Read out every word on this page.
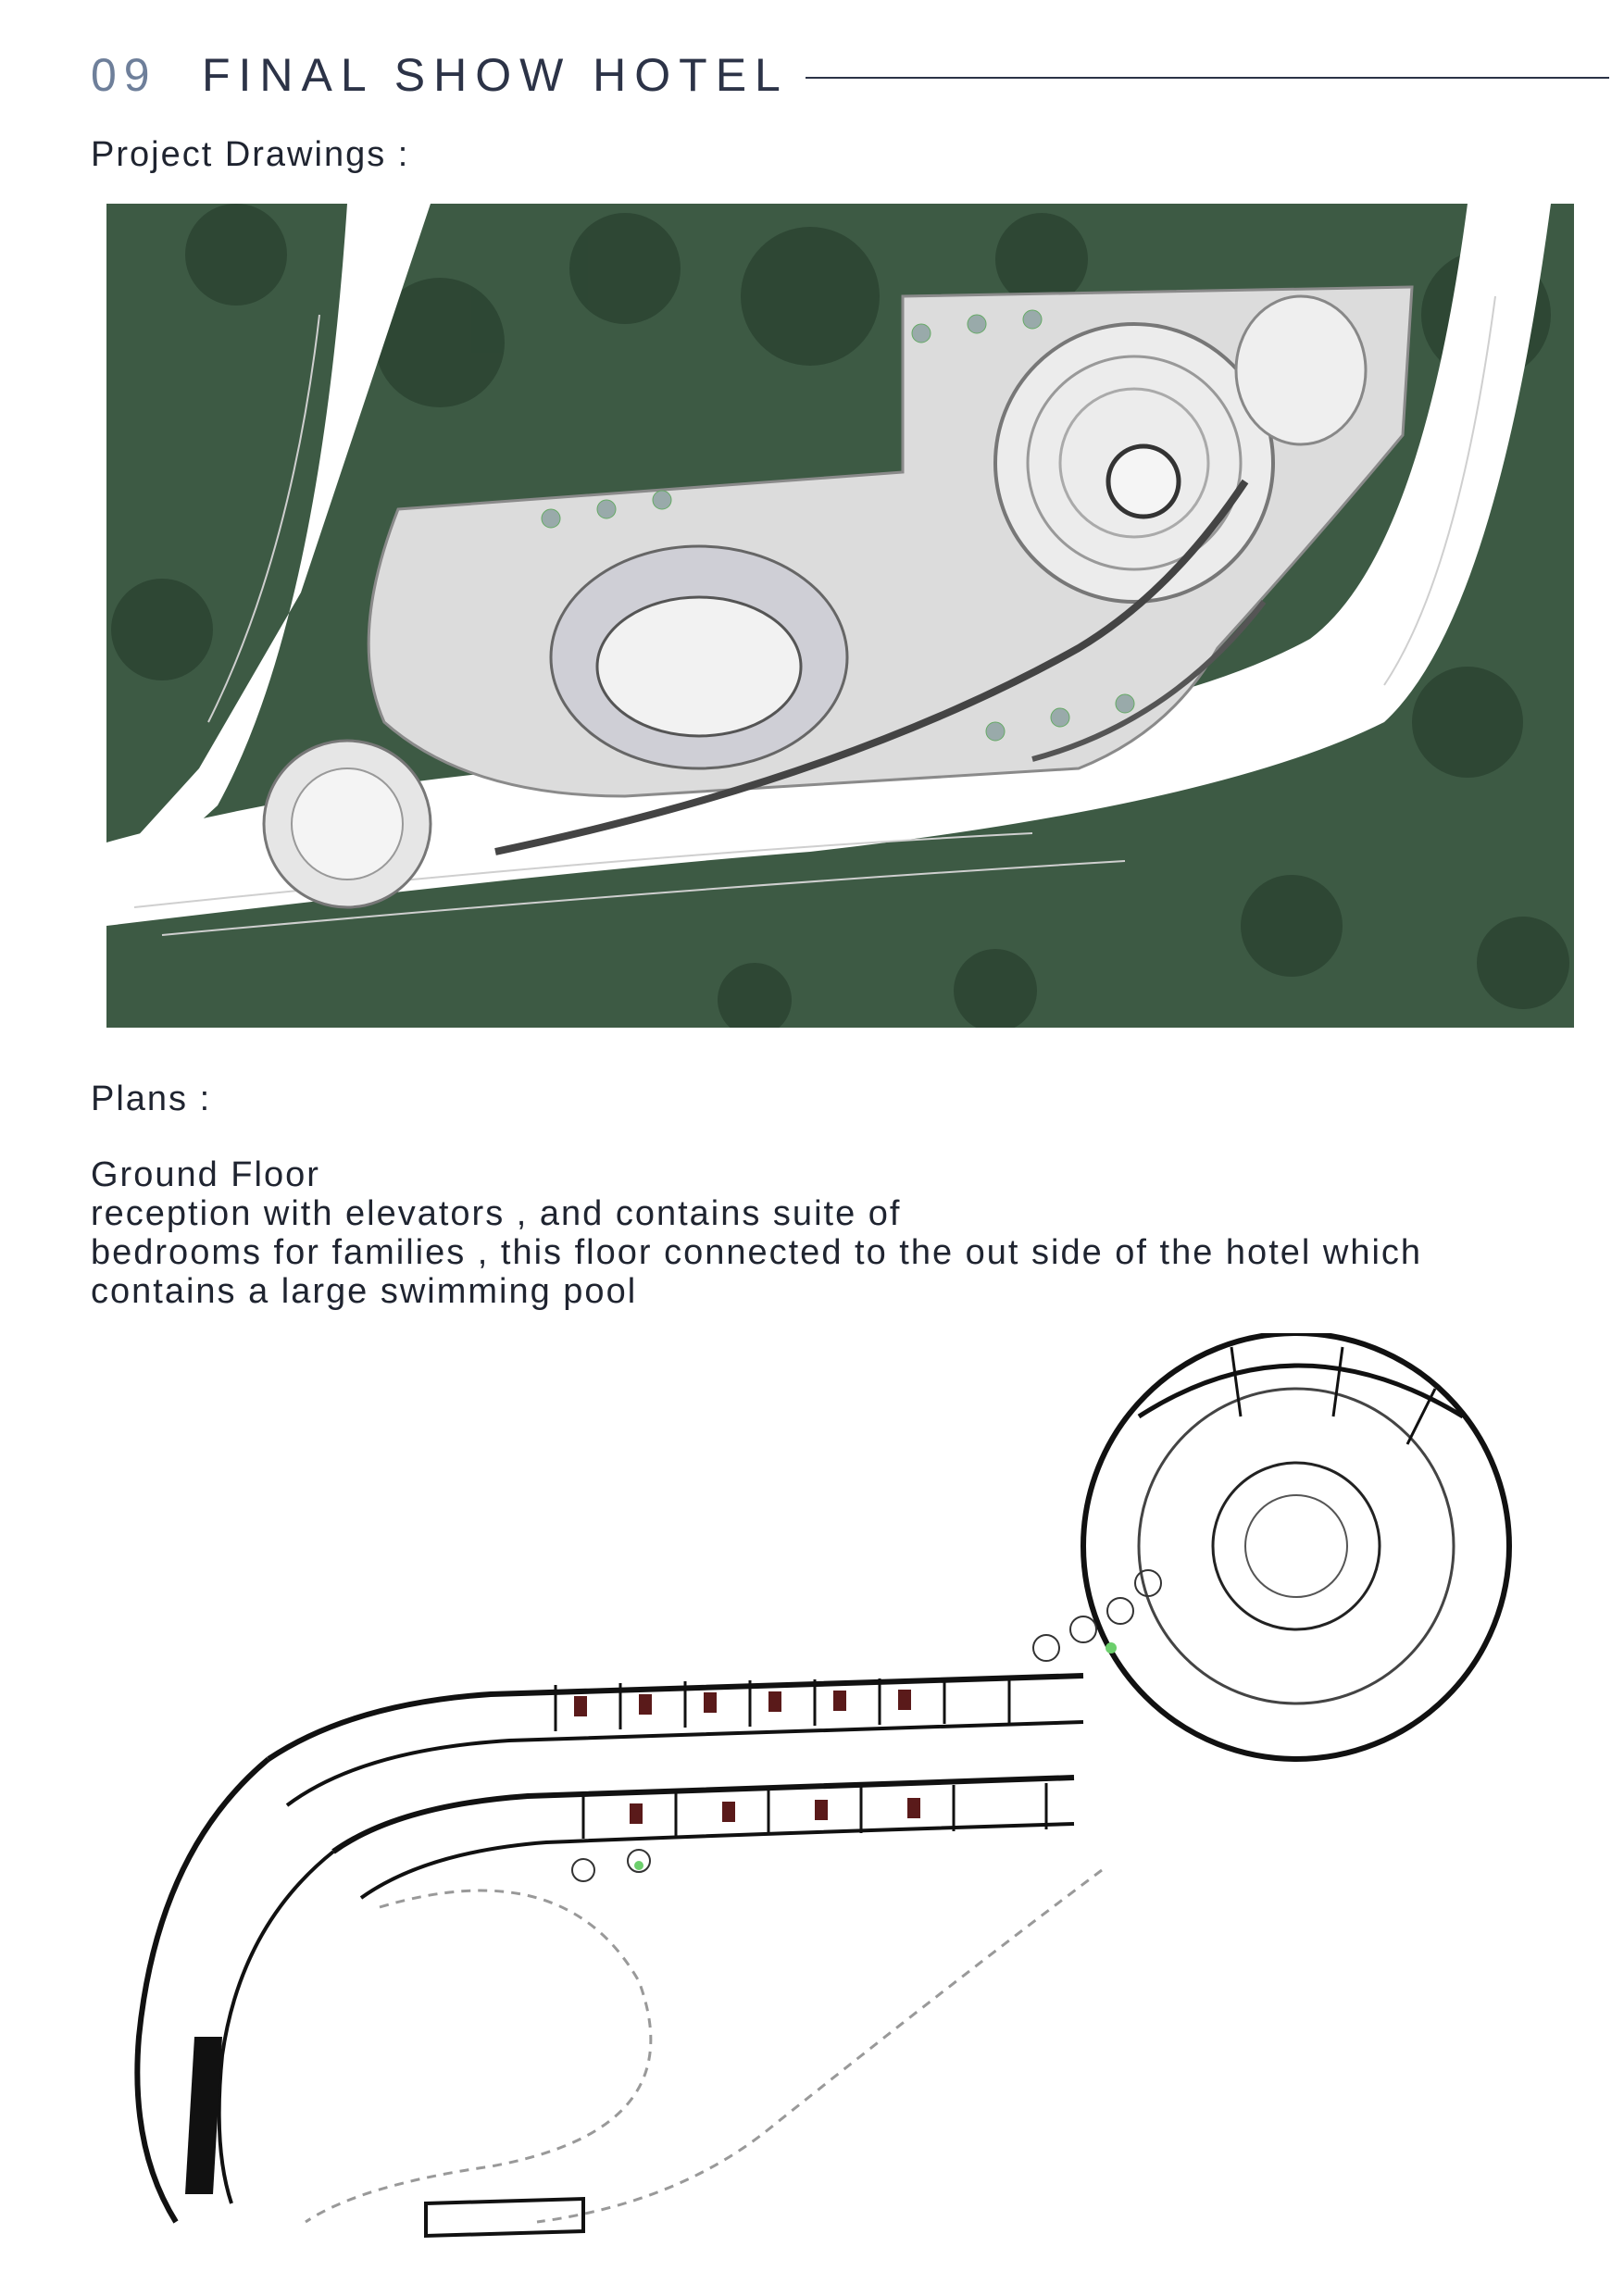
09 FINAL SHOW HOTEL
Project Drawings :
Plans :
Ground Floor
reception with elevators , and contains suite of
bedrooms for families , this floor connected to the out side of the hotel which
contains a large swimming pool
